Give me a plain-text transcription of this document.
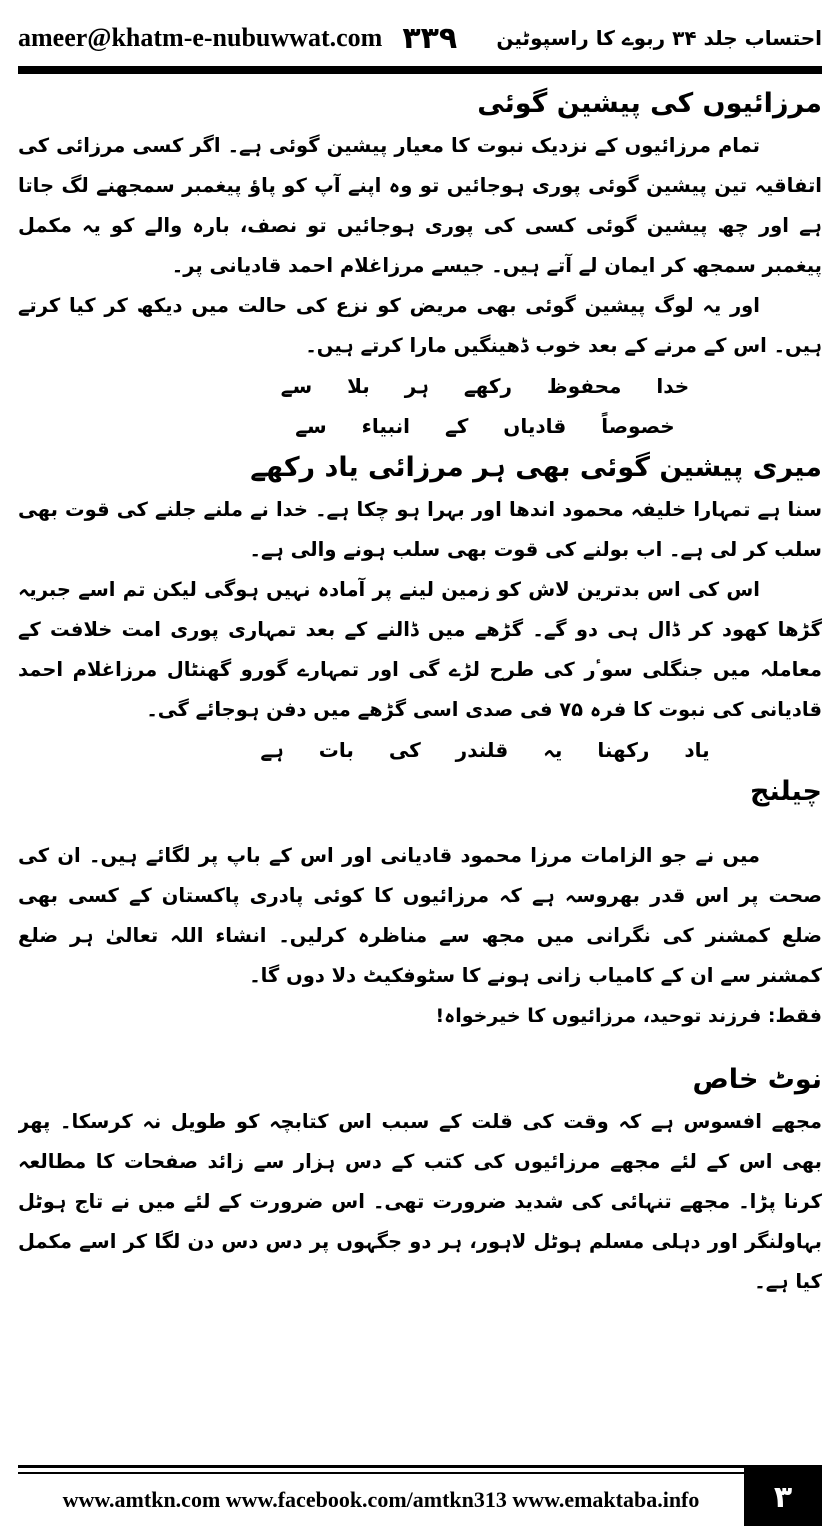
ameer@khatm-e-nubuwwat.com ۳۳۹ احتساب جلد ۳۴ ربوے کا راسپوٹین
مرزائیوں کی پیشین گوئی

تمام مرزائیوں کے نزدیک نبوت کا معیار پیشین گوئی ہے۔ اگر کسی مرزائی کی اتفاقیہ تین پیشین گوئی پوری ہوجائیں تو وہ اپنے آپ کو پاؤ پیغمبر سمجھنے لگ جاتا ہے اور چھ پیشین گوئی کسی کی پوری ہوجائیں تو نصف، بارہ والے کو یہ مکمل پیغمبر سمجھ کر ایمان لے آتے ہیں۔ جیسے مرزاغلام احمد قادیانی پر۔

اور یہ لوگ پیشین گوئی بھی مریض کو نزع کی حالت میں دیکھ کر کیا کرتے ہیں۔ اس کے مرنے کے بعد خوب ڈھینگیں مارا کرتے ہیں۔

خدا محفوظ رکھے ہر بلا سے

خصوصاً قادیاں کے انبیاء سے

میری پیشین گوئی بھی ہر مرزائی یاد رکھے

سنا ہے تمہارا خلیفہ محمود اندھا اور بہرا ہو چکا ہے۔ خدا نے ملنے جلنے کی قوت بھی سلب کر لی ہے۔ اب بولنے کی قوت بھی سلب ہونے والی ہے۔

اس کی اس بدترین لاش کو زمین لینے پر آمادہ نہیں ہوگی لیکن تم اسے جبریہ گڑھا کھود کر ڈال ہی دو گے۔ گڑھے میں ڈالنے کے بعد تمہاری پوری امت خلافت کے معاملہ میں جنگلی سوٴر کی طرح لڑے گی اور تمہارے گورو گھنٹال مرزاغلام احمد قادیانی کی نبوت کا فرہ ۷۵ فی صدی اسی گڑھے میں دفن ہوجائے گی۔

یاد رکھنا یہ قلندر کی بات ہے

چیلنج

میں نے جو الزامات مرزا محمود قادیانی اور اس کے باپ پر لگائے ہیں۔ ان کی صحت پر اس قدر بھروسہ ہے کہ مرزائیوں کا کوئی پادری پاکستان کے کسی بھی ضلع کمشنر کی نگرانی میں مجھ سے مناظرہ کرلیں۔ انشاء اللہ تعالیٰ ہر ضلع کمشنر سے ان کے کامیاب زانی ہونے کا سٹوفکیٹ دلا دوں گا۔

فقط: فرزند توحید، مرزائیوں کا خیرخواہ!

نوٹ خاص

مجھے افسوس ہے کہ وقت کی قلت کے سبب اس کتابچہ کو طویل نہ کرسکا۔ پھر بھی اس کے لئے مجھے مرزائیوں کی کتب کے دس ہزار سے زائد صفحات کا مطالعہ کرنا پڑا۔ مجھے تنہائی کی شدید ضرورت تھی۔ اس ضرورت کے لئے میں نے تاج ہوٹل بہاولنگر اور دہلی مسلم ہوٹل لاہور، ہر دو جگہوں پر دس دس دن لگا کر اسے مکمل کیا ہے۔

www.amtkn.com www.facebook.com/amtkn313 www.emaktaba.info	۳
